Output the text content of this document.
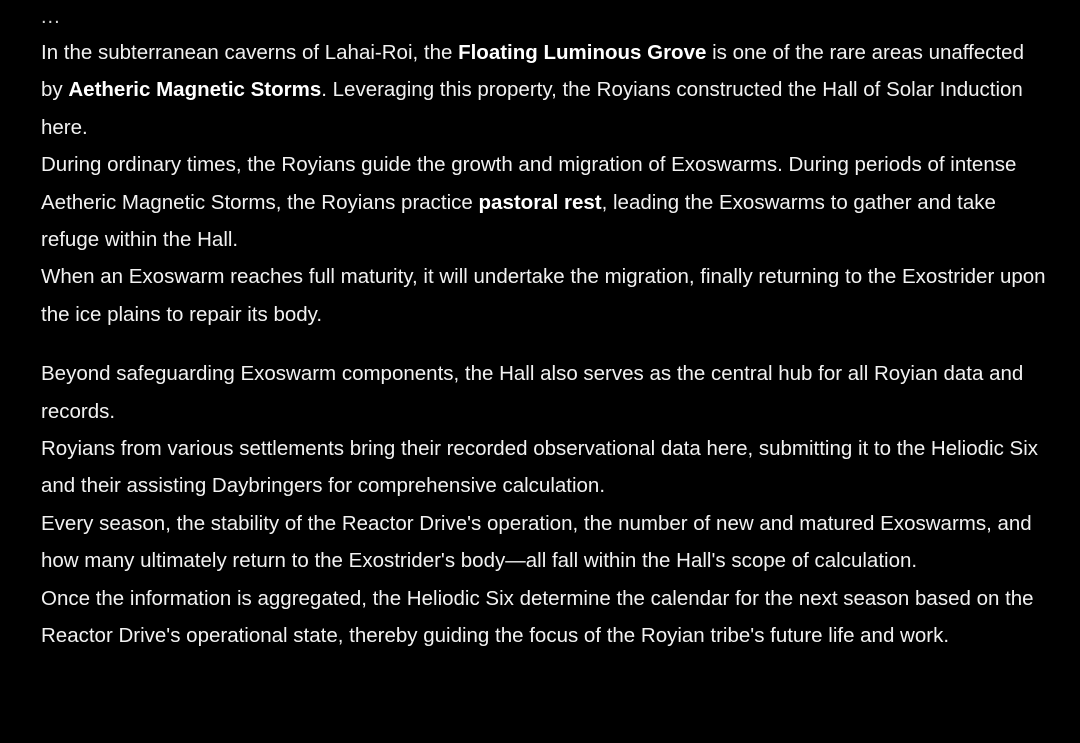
...

In the subterranean caverns of Lahai-Roi, the Floating Luminous Grove is one of the rare areas unaffected by Aetheric Magnetic Storms. Leveraging this property, the Royians constructed the Hall of Solar Induction here.

During ordinary times, the Royians guide the growth and migration of Exoswarms. During periods of intense Aetheric Magnetic Storms, the Royians practice pastoral rest, leading the Exoswarms to gather and take refuge within the Hall.

When an Exoswarm reaches full maturity, it will undertake the migration, finally returning to the Exostrider upon the ice plains to repair its body.

Beyond safeguarding Exoswarm components, the Hall also serves as the central hub for all Royian data and records.

Royians from various settlements bring their recorded observational data here, submitting it to the Heliodic Six and their assisting Daybringers for comprehensive calculation.

Every season, the stability of the Reactor Drive's operation, the number of new and matured Exoswarms, and how many ultimately return to the Exostrider's body—all fall within the Hall's scope of calculation.

Once the information is aggregated, the Heliodic Six determine the calendar for the next season based on the Reactor Drive's operational state, thereby guiding the focus of the Royian tribe's future life and work.
